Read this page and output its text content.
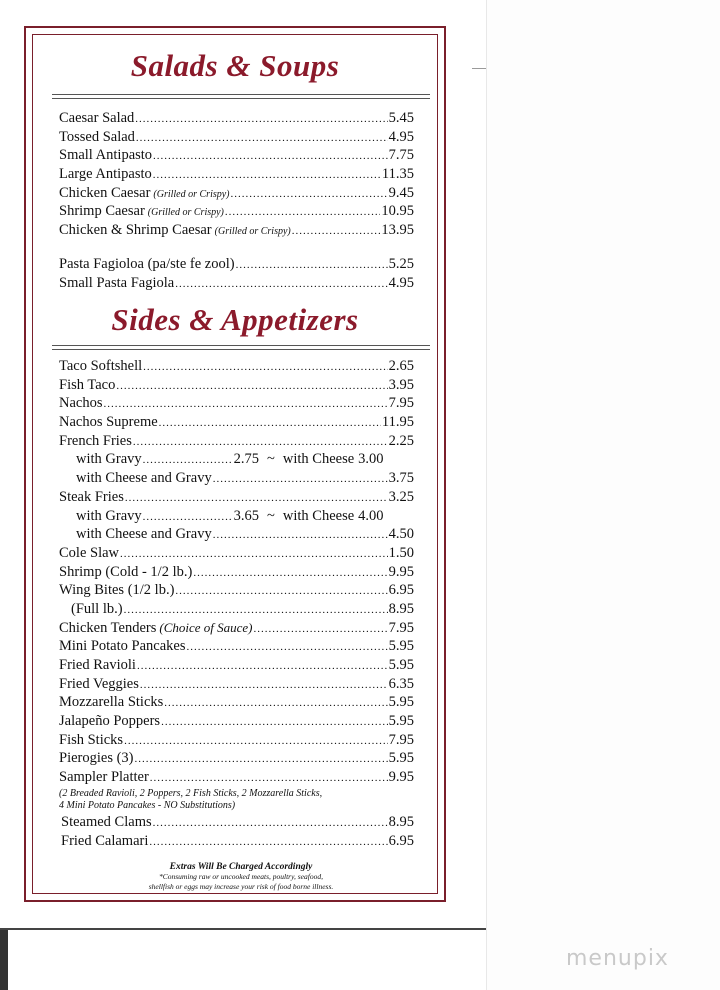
menupix
Salads & Soups
Caesar Salad .....	5.45
Tossed Salad .....	4.95
Small Antipasto .....	7.75
Large Antipasto .....	11.35
Chicken Caesar (Grilled or Crispy) .....	9.45
Shrimp Caesar (Grilled or Crispy) .....	10.95
Chicken & Shrimp Caesar (Grilled or Crispy) .....	13.95
Pasta Fagioloa (pa/ste fe zool) .....	5.25
Small Pasta Fagiola .....	4.95
Sides & Appetizers
Taco Softshell .....	2.65
Fish Taco .....	3.95
Nachos .....	7.95
Nachos Supreme .....	11.95
French Fries .....	2.25
with Gravy .....	2.75 ~ with Cheese 3.00
with Cheese and Gravy .....	3.75
Steak Fries .....	3.25
with Gravy .....	3.65 ~ with Cheese 4.00
with Cheese and Gravy .....	4.50
Cole Slaw .....	1.50
Shrimp (Cold - 1/2 lb.) .....	9.95
Wing Bites (1/2 lb.) .....	6.95
(Full lb.) .....	8.95
Chicken Tenders (Choice of Sauce) .....	7.95
Mini Potato Pancakes .....	5.95
Fried Ravioli .....	5.95
Fried Veggies .....	6.35
Mozzarella Sticks .....	5.95
Jalapeño Poppers .....	5.95
Fish Sticks .....	7.95
Pierogies (3) .....	5.95
Sampler Platter .....	9.95
(2 Breaded Ravioli, 2 Poppers, 2 Fish Sticks, 2 Mozzarella Sticks,
4 Mini Potato Pancakes - NO Substitutions)
Steamed Clams .....	8.95
Fried Calamari .....	6.95
Extras Will Be Charged Accordingly
*Consuming raw or uncooked meats, poultry, seafood,
shellfish or eggs may increase your risk of food borne illness.
